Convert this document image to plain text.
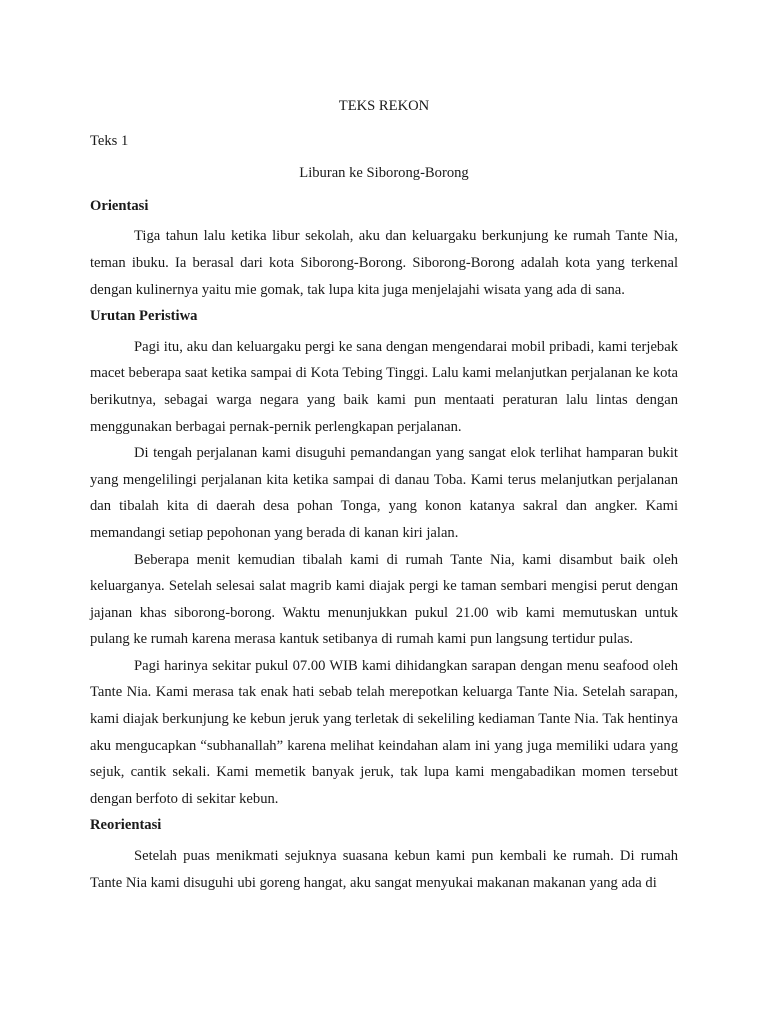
TEKS REKON
Teks 1
Liburan ke Siborong-Borong
Orientasi

Tiga tahun lalu ketika libur sekolah, aku dan keluargaku berkunjung ke rumah Tante Nia, teman ibuku. Ia berasal dari kota Siborong-Borong. Siborong-Borong adalah kota yang terkenal dengan kulinernya yaitu mie gomak, tak lupa kita juga menjelajahi wisata yang ada di sana.

Urutan Peristiwa

Pagi itu, aku dan keluargaku pergi ke sana dengan mengendarai mobil pribadi, kami terjebak macet beberapa saat ketika sampai di Kota Tebing Tinggi. Lalu kami melanjutkan perjalanan ke kota berikutnya, sebagai warga negara yang baik kami pun mentaati peraturan lalu lintas dengan menggunakan berbagai pernak-pernik perlengkapan perjalanan.

Di tengah perjalanan kami disuguhi pemandangan yang sangat elok terlihat hamparan bukit yang mengelilingi perjalanan kita ketika sampai di danau Toba. Kami terus melanjutkan perjalanan dan tibalah kita di daerah desa pohan Tonga, yang konon katanya sakral dan angker. Kami memandangi setiap pepohonan yang berada di kanan kiri jalan.

Beberapa menit kemudian tibalah kami di rumah Tante Nia, kami disambut baik oleh keluarganya. Setelah selesai salat magrib kami diajak pergi ke taman sembari mengisi perut dengan jajanan khas siborong-borong. Waktu menunjukkan pukul 21.00 wib kami memutuskan untuk pulang ke rumah karena merasa kantuk setibanya di rumah kami pun langsung tertidur pulas.

Pagi harinya sekitar pukul 07.00 WIB kami dihidangkan sarapan dengan menu seafood oleh Tante Nia. Kami merasa tak enak hati sebab telah merepotkan keluarga Tante Nia. Setelah sarapan, kami diajak berkunjung ke kebun jeruk yang terletak di sekeliling kediaman Tante Nia. Tak hentinya aku mengucapkan “subhanallah” karena melihat keindahan alam ini yang juga memiliki udara yang sejuk, cantik sekali. Kami memetik banyak jeruk, tak lupa kami mengabadikan momen tersebut dengan berfoto di sekitar kebun.

Reorientasi

Setelah puas menikmati sejuknya suasana kebun kami pun kembali ke rumah. Di rumah Tante Nia kami disuguhi ubi goreng hangat, aku sangat menyukai makanan makanan yang ada di
